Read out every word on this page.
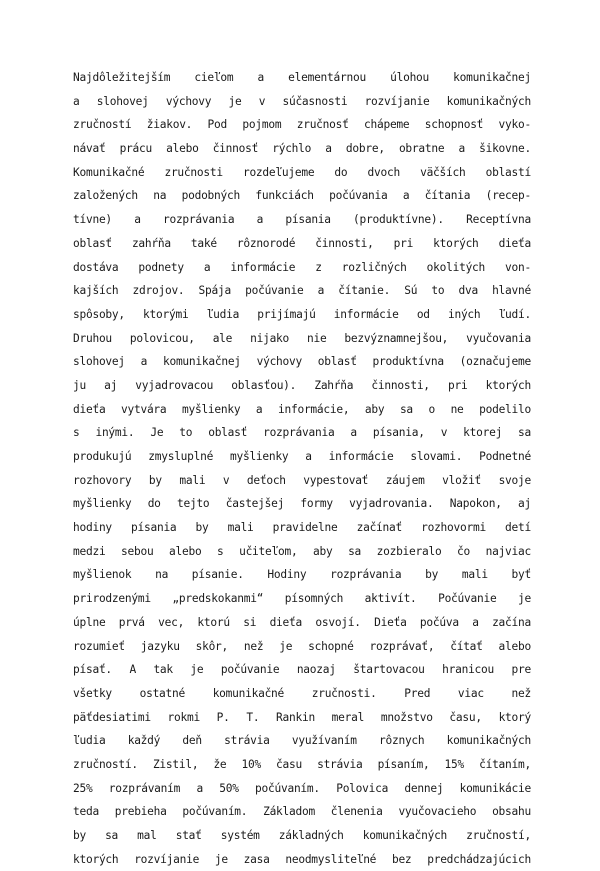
Najdôležitejším cieľom a elementárnou úlohou komunikačnej
a slohovej výchovy je v súčasnosti rozvíjanie komunikačných
zručností žiakov. Pod pojmom zručnosť chápeme schopnosť vyko-
návať prácu alebo činnosť rýchlo a dobre, obratne a šikovne.
Komunikačné zručnosti rozdeľujeme do dvoch väčších oblastí
založených na podobných funkciách počúvania a čítania (recep-
tívne) a rozprávania a písania (produktívne). Receptívna
oblasť zahŕňa také rôznorodé činnosti, pri ktorých dieťa
dostáva podnety a informácie z rozličných okolitých von-
kajších zdrojov. Spája počúvanie a čítanie. Sú to dva hlavné
spôsoby, ktorými ľudia prijímajú informácie od iných ľudí.
Druhou polovicou, ale nijako nie bezvýznamnejšou, vyučovania
slohovej a komunikačnej výchovy oblasť produktívna (označujeme
ju aj vyjadrovacou oblasťou). Zahŕňa činnosti, pri ktorých
dieťa vytvára myšlienky a informácie, aby sa o ne podelilo
s inými. Je to oblasť rozprávania a písania, v ktorej sa
produkujú zmysluplné myšlienky a informácie slovami. Podnetné
rozhovory by mali v deťoch vypestovať záujem vložiť svoje
myšlienky do tejto častejšej formy vyjadrovania. Napokon, aj
hodiny písania by mali pravidelne začínať rozhovormi detí
medzi sebou alebo s učiteľom, aby sa zozbieralo čo najviac
myšlienok na písanie. Hodiny rozprávania by mali byť
prirodzenými „predskokanmi“ písomných aktivít. Počúvanie je
úplne prvá vec, ktorú si dieťa osvojí. Dieťa počúva a začína
rozumieť jazyku skôr, než je schopné rozprávať, čítať alebo
písať. A tak je počúvanie naozaj štartovacou hranicou pre
všetky ostatné komunikačné zručnosti. Pred viac než
päťdesiatimi rokmi P. T. Rankin meral množstvo času, ktorý
ľudia každý deň strávia využívaním rôznych komunikačných
zručností. Zistil, že 10% času strávia písaním, 15% čítaním,
25% rozprávaním a 50% počúvaním. Polovica dennej komunikácie
teda prebieha počúvaním. Základom členenia vyučovacieho obsahu
by sa mal stať systém základných komunikačných zručností,
ktorých rozvíjanie je zasa neodmysliteľné bez predchádzajúcich
